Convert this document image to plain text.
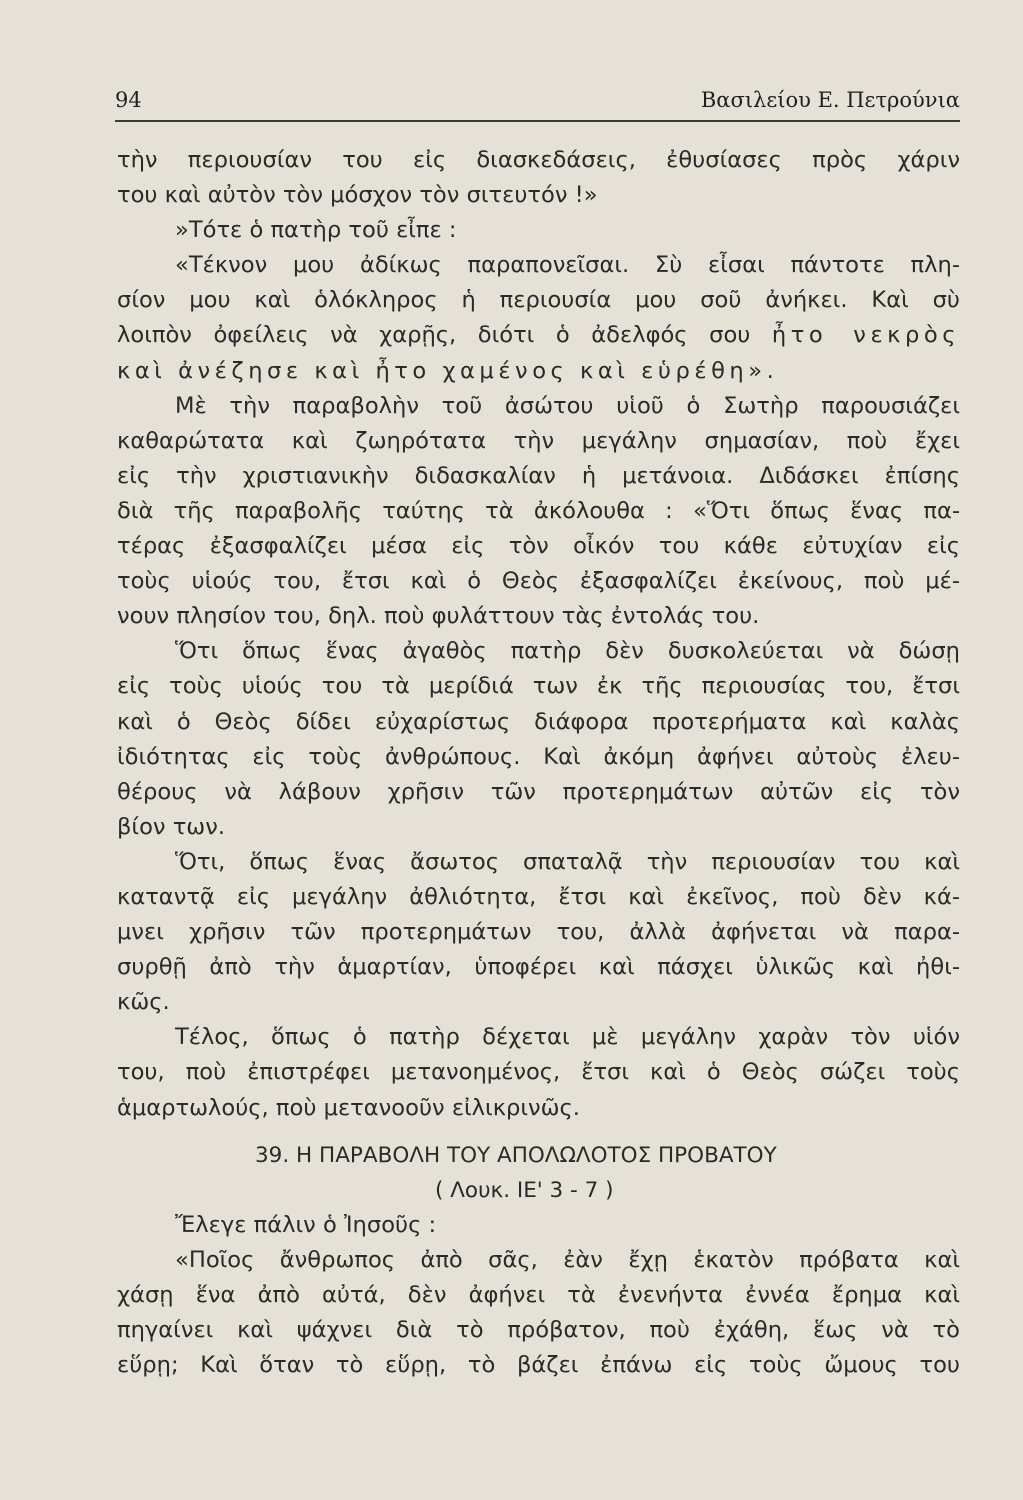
94	Βασιλείου Ε. Πετρούνια
τὴν περιουσίαν του εἰς διασκεδάσεις, ἐθυσίασες πρὸς χάριν
του καὶ αὐτὸν τὸν μόσχον τὸν σιτευτόν !»
»Τότε ὁ πατὴρ τοῦ εἶπε :
«Τέκνον μου ἀδίκως παραπονεῖσαι. Σὺ εἶσαι πάντοτε πλη-
σίον μου καὶ ὁλόκληρος ἡ περιουσία μου σοῦ ἀνήκει. Καὶ σὺ
λοιπὸν ὀφείλεις νὰ χαρῇς, διότι ὁ ἀδελφός σου ἦτο νεκρὸς
καὶ ἀνέζησε καὶ ἦτο χαμένος καὶ εὑρέθη».
Μὲ τὴν παραβολὴν τοῦ ἀσώτου υἱοῦ ὁ Σωτὴρ παρουσιάζει
καθαρώτατα καὶ ζωηρότατα τὴν μεγάλην σημασίαν, ποὺ ἔχει
εἰς τὴν χριστιανικὴν διδασκαλίαν ἡ μετάνοια. Διδάσκει ἐπίσης
διὰ τῆς παραβολῆς ταύτης τὰ ἀκόλουθα : «Ὅτι ὅπως ἕνας πα-
τέρας ἐξασφαλίζει μέσα εἰς τὸν οἶκόν του κάθε εὐτυχίαν εἰς
τοὺς υἱούς του, ἔτσι καὶ ὁ Θεὸς ἐξασφαλίζει ἐκείνους, ποὺ μέ-
νουν πλησίον του, δηλ. ποὺ φυλάττουν τὰς ἐντολάς του.
Ὅτι ὅπως ἕνας ἀγαθὸς πατὴρ δὲν δυσκολεύεται νὰ δώσῃ
εἰς τοὺς υἱούς του τὰ μερίδιά των ἐκ τῆς περιουσίας του, ἔτσι
καὶ ὁ Θεὸς δίδει εὐχαρίστως διάφορα προτερήματα καὶ καλὰς
ἰδιότητας εἰς τοὺς ἀνθρώπους. Καὶ ἀκόμη ἀφήνει αὐτοὺς ἐλευ-
θέρους νὰ λάβουν χρῆσιν τῶν προτερημάτων αὐτῶν εἰς τὸν
βίον των.
Ὅτι, ὅπως ἕνας ἄσωτος σπαταλᾷ τὴν περιουσίαν του καὶ
καταντᾷ εἰς μεγάλην ἀθλιότητα, ἔτσι καὶ ἐκεῖνος, ποὺ δὲν κά-
μνει χρῆσιν τῶν προτερημάτων του, ἀλλὰ ἀφήνεται νὰ παρα-
συρθῇ ἀπὸ τὴν ἁμαρτίαν, ὑποφέρει καὶ πάσχει ὑλικῶς καὶ ἠθι-
κῶς.
Τέλος, ὅπως ὁ πατὴρ δέχεται μὲ μεγάλην χαρὰν τὸν υἱόν
του, ποὺ ἐπιστρέφει μετανοημένος, ἔτσι καὶ ὁ Θεὸς σώζει τοὺς
ἁμαρτωλούς, ποὺ μετανοοῦν εἰλικρινῶς.
39. Η ΠΑΡΑΒΟΛΗ ΤΟΥ ΑΠΟΛΩΛΟΤΟΣ ΠΡΟΒΑΤΟΥ
( Λουκ. ΙΕ' 3 - 7 )
Ἔλεγε πάλιν ὁ Ἰησοῦς :
«Ποῖος ἄνθρωπος ἀπὸ σᾶς, ἐὰν ἔχῃ ἑκατὸν πρόβατα καὶ
χάσῃ ἕνα ἀπὸ αὐτά, δὲν ἀφήνει τὰ ἐνενήντα ἐννέα ἔρημα καὶ
πηγαίνει καὶ ψάχνει διὰ τὸ πρόβατον, ποὺ ἐχάθη, ἕως νὰ τὸ
εὕρῃ; Καὶ ὅταν τὸ εὕρῃ, τὸ βάζει ἐπάνω εἰς τοὺς ὤμους του
